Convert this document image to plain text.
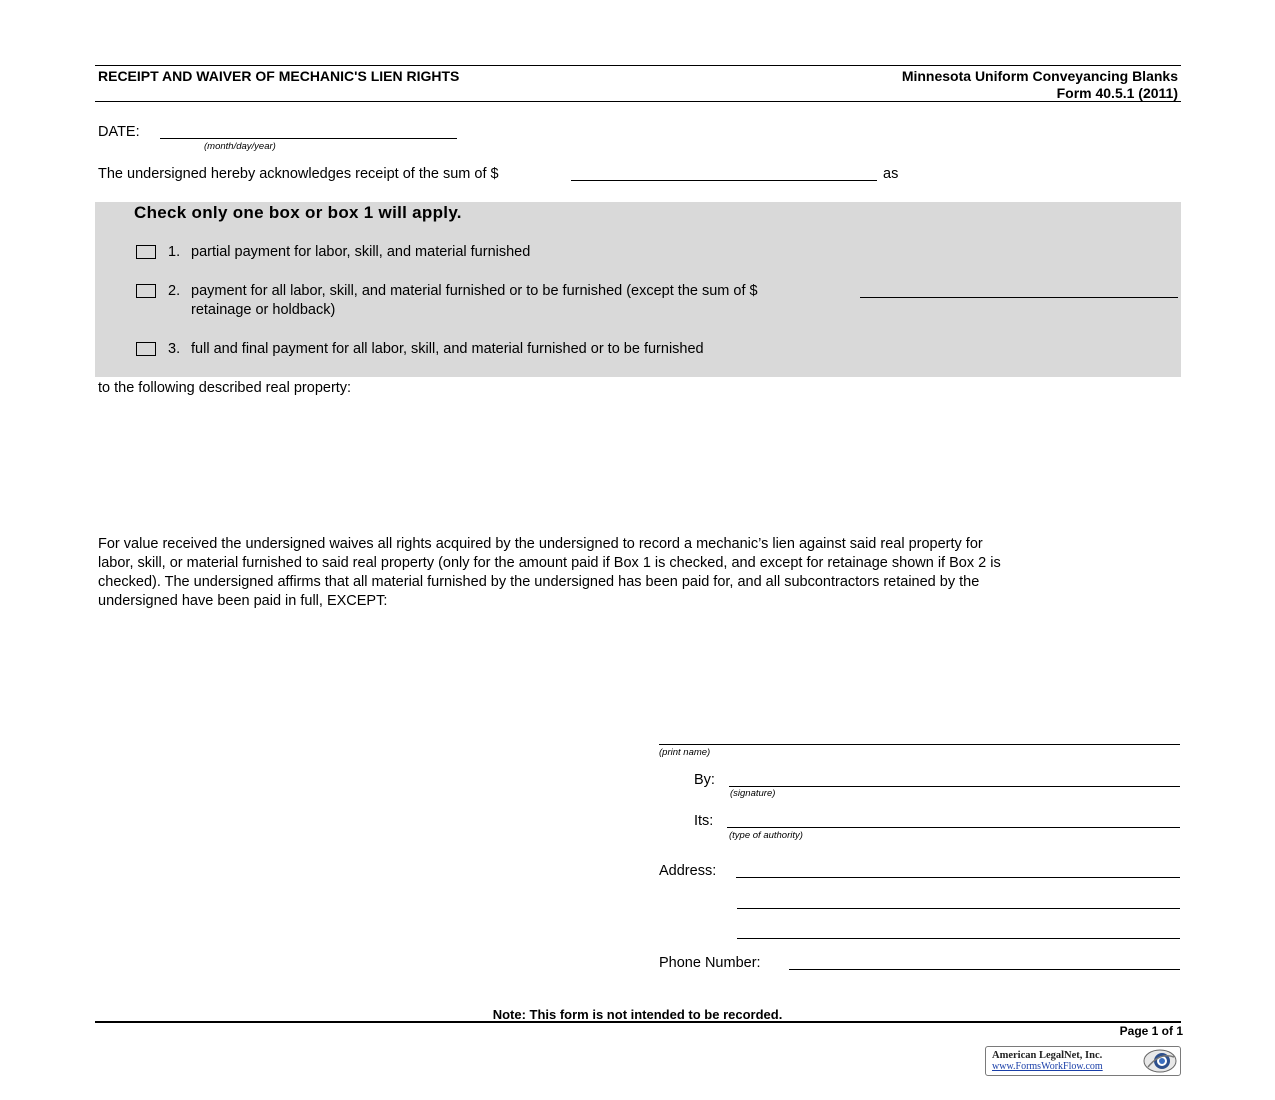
RECEIPT AND WAIVER OF MECHANIC'S LIEN RIGHTS	Minnesota Uniform Conveyancing Blanks
Form 40.5.1 (2011)
DATE:
(month/day/year)
The undersigned hereby acknowledges receipt of the sum of $	as
Check only one box or box 1 will apply.
1. partial payment for labor, skill, and material furnished
2. payment for all labor, skill, and material furnished or to be furnished (except the sum of $
retainage or holdback)
3. full and final payment for all labor, skill, and material furnished or to be furnished
to the following described real property:
For value received the undersigned waives all rights acquired by the undersigned to record a mechanic’s lien against said real property for
labor, skill, or material furnished to said real property (only for the amount paid if Box 1 is checked, and except for retainage shown if Box 2 is
checked). The undersigned affirms that all material furnished by the undersigned has been paid for, and all subcontractors retained by the
undersigned have been paid in full, EXCEPT:
(print name)
By:
(signature)
Its:
(type of authority)
Address:
Phone Number:
Note: This form is not intended to be recorded.
Page 1 of 1
American LegalNet, Inc.
www.FormsWorkFlow.com
